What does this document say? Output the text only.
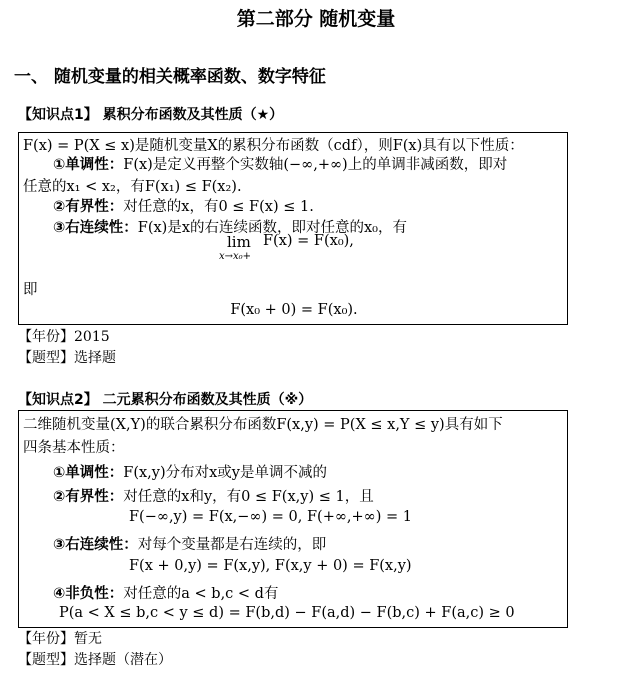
第二部分 随机变量
一、 随机变量的相关概率函数、数字特征
【知识点1】 累积分布函数及其性质（★）
F(x) = P(X ≤ x)是随机变量X的累积分布函数（cdf），则F(x)具有以下性质：
①单调性：F(x)是定义再整个实数轴(−∞,+∞)上的单调非减函数，即对
任意的x₁ < x₂，有F(x₁) ≤ F(x₂).
②有界性：对任意的x，有0 ≤ F(x) ≤ 1.
③右连续性：F(x)是x的右连续函数，即对任意的x₀，有
lim
x→x₀+
F(x) = F(x₀),
即
F(x₀ + 0) = F(x₀).
【年份】2015
【题型】选择题
【知识点2】 二元累积分布函数及其性质（※）
二维随机变量(X,Y)的联合累积分布函数F(x,y) = P(X ≤ x,Y ≤ y)具有如下
四条基本性质：
①单调性：F(x,y)分布对x或y是单调不减的
②有界性：对任意的x和y，有0 ≤ F(x,y) ≤ 1，且
F(−∞,y) = F(x,−∞) = 0, F(+∞,+∞) = 1
③右连续性：对每个变量都是右连续的，即
F(x + 0,y) = F(x,y), F(x,y + 0) = F(x,y)
④非负性：对任意的a < b,c < d有
P(a < X ≤ b,c < y ≤ d) = F(b,d) − F(a,d) − F(b,c) + F(a,c) ≥ 0
【年份】暂无
【题型】选择题（潜在）
